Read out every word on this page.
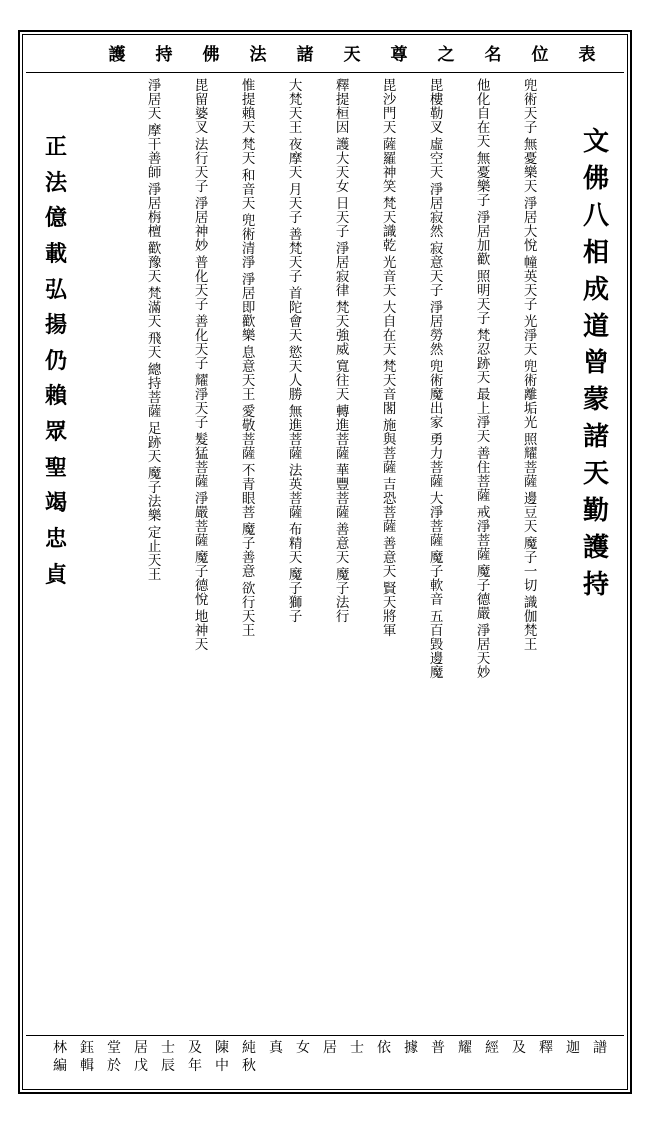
文
佛
八
相
成
道
曾
蒙
諸
天
勤
護
持
正
法
億
載
弘
揚
仍
賴
眾
聖
竭
忠
貞
表
位
名
之
尊
天
諸
法
佛
持
護
兜術天子
無憂樂天
淨居大悅
幢英天子
光淨天
兜術離垢光
照耀菩薩
邊豆天
魔子一切
識伽梵王
他化自在天
無憂樂子
淨居加歡
照明天子
梵忍跡天
最上淨天
善住菩薩
戒淨菩薩
魔子德嚴
淨居天妙
毘樓勒叉
虛空天
淨居寂然
寂意天子
淨居勞然
兜術魔出家
勇力菩薩
大淨菩薩
魔子軟音
五百毀邊魔
毘沙門天
薩羅神笑
梵天識乾
光音天
大自在天
梵天音閣
施與菩薩
吉恐菩薩
善意天
賢天將軍
釋提桓因
護大天女
日天子
淨居寂律
梵天強威
寬往天
轉進菩薩
華豐菩薩
善意天
魔子法行
大梵天王
夜摩天
月天子
善梵天子
首陀會天
慾天人勝
無進菩薩
法英菩薩
布精天
魔子獅子
惟提賴天
梵天
和音天
兜術清淨
淨居即歡樂
息意天王
愛敬菩薩
不青眼菩
魔子善意
欲行天王
毘留婆叉
法行天子
淨居神妙
普化天子
善化天子
耀淨天子
髮猛菩薩
淨嚴菩薩
魔子德悅
地神天
淨居天
摩干善師
淨居栴檀
歡豫天
梵滿天
飛天
總持菩薩
足跡天
魔子法樂
定止天王
林
編
鈺
輯
堂
於
居
戊
士
辰
及
年
陳
中
純
秋
真 女 居 士 依 據 普 耀 經 及 釋 迦 譜
